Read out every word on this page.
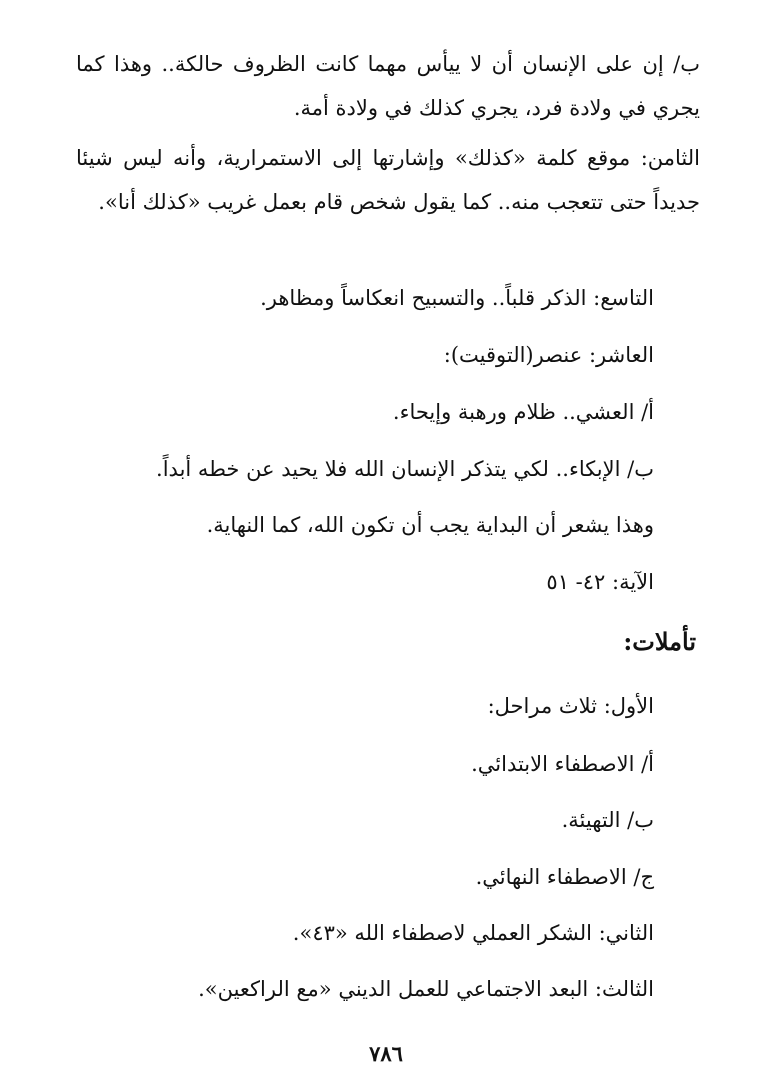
ب/ إن على الإنسان أن لا ييأس مهما كانت الظروف حالكة.. وهذا كما يجري في ولادة فرد، يجري كذلك في ولادة أمة.

الثامن: موقع كلمة «كذلك» وإشارتها إلى الاستمرارية، وأنه ليس شيئا جديداً حتى تتعجب منه.. كما يقول شخص قام بعمل غريب «كذلك أنا».

التاسع: الذكر قلباً.. والتسبيح انعكاساً ومظاهر.

العاشر: عنصر(التوقيت):

أ/ العشي.. ظلام ورهبة وإيحاء.

ب/ الإبكاء.. لكي يتذكر الإنسان الله فلا يحيد عن خطه أبداً.

وهذا يشعر أن البداية يجب أن تكون الله، كما النهاية.

الآية: ٤٢- ٥١

تأملات:

الأول: ثلاث مراحل:

أ/ الاصطفاء الابتدائي.

ب/ التهيئة.

ج/ الاصطفاء النهائي.

الثاني: الشكر العملي لاصطفاء الله «٤٣».

الثالث: البعد الاجتماعي للعمل الديني «مع الراكعين».

٧٨٦
